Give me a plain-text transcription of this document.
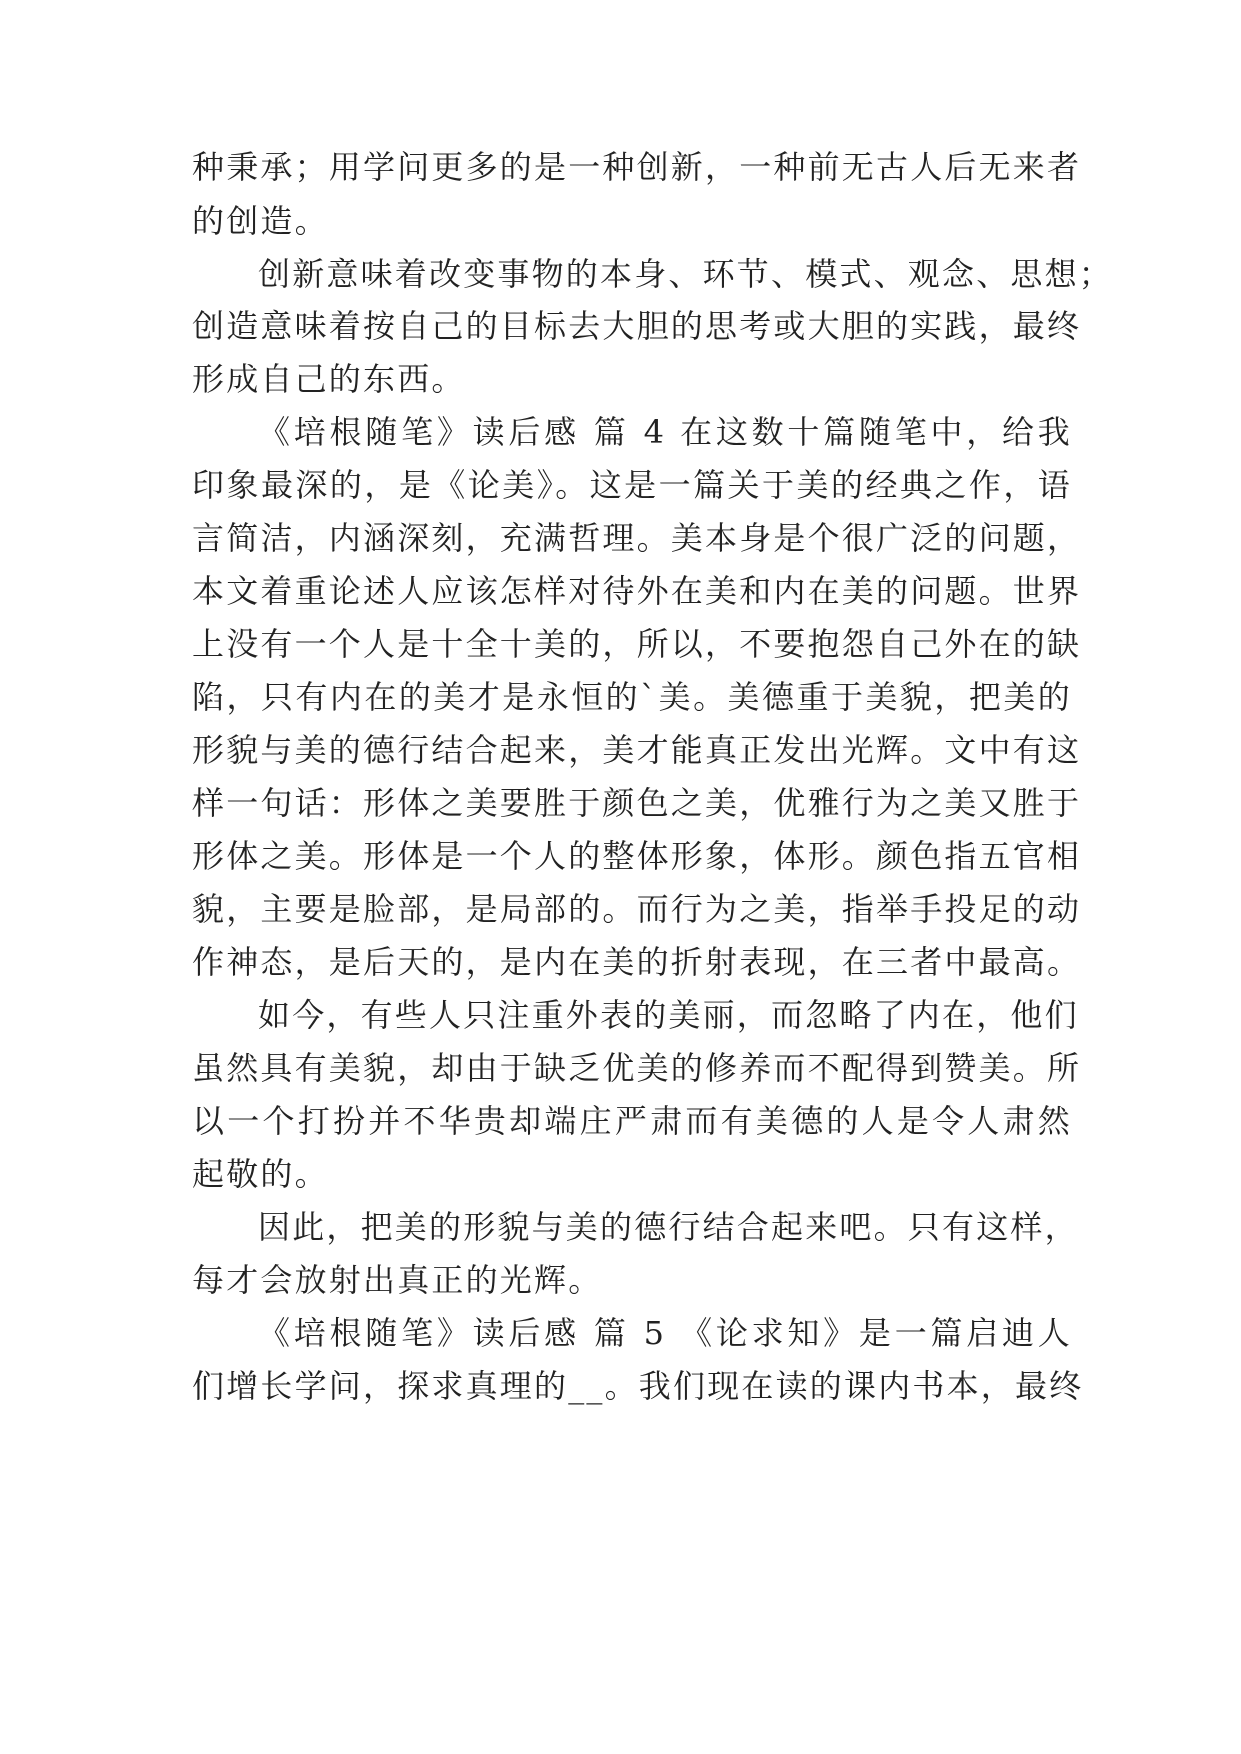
种秉承；用学问更多的是一种创新，一种前无古人后无来者
的创造。
创新意味着改变事物的本身、环节、模式、观念、思想；
创造意味着按自己的目标去大胆的思考或大胆的实践，最终
形成自己的东西。
《培根随笔》读后感 篇 4 在这数十篇随笔中，给我
印象最深的，是《论美》。这是一篇关于美的经典之作，语
言简洁，内涵深刻，充满哲理。美本身是个很广泛的问题，
本文着重论述人应该怎样对待外在美和内在美的问题。世界
上没有一个人是十全十美的，所以，不要抱怨自己外在的缺
陷，只有内在的美才是永恒的`美。美德重于美貌，把美的
形貌与美的德行结合起来，美才能真正发出光辉。文中有这
样一句话：形体之美要胜于颜色之美，优雅行为之美又胜于
形体之美。形体是一个人的整体形象，体形。颜色指五官相
貌，主要是脸部，是局部的。而行为之美，指举手投足的动
作神态，是后天的，是内在美的折射表现，在三者中最高。
如今，有些人只注重外表的美丽，而忽略了内在，他们
虽然具有美貌，却由于缺乏优美的修养而不配得到赞美。所
以一个打扮并不华贵却端庄严肃而有美德的人是令人肃然
起敬的。
因此，把美的形貌与美的德行结合起来吧。只有这样，
每才会放射出真正的光辉。
《培根随笔》读后感 篇 5 《论求知》是一篇启迪人
们增长学问，探求真理的__。我们现在读的课内书本，最终
